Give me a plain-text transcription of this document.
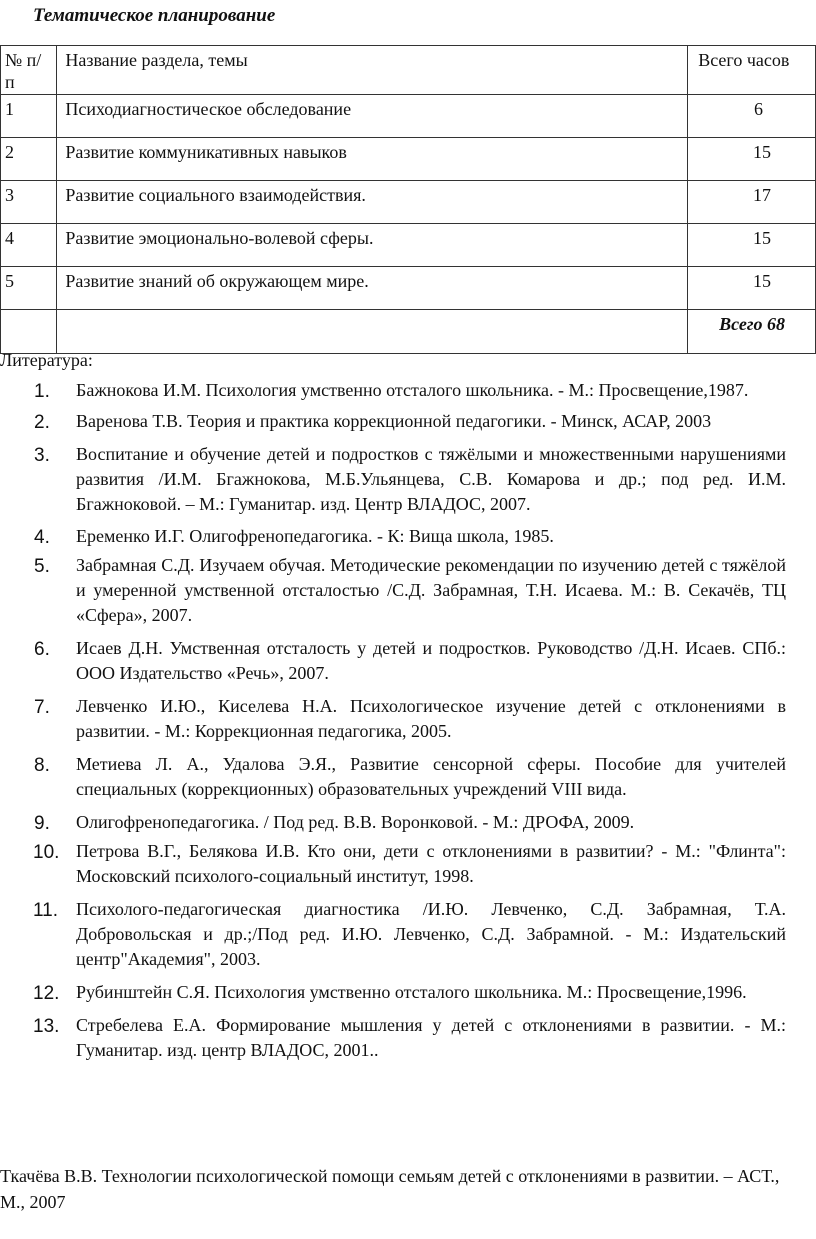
Тематическое планирование
№ п/п	Название раздела, темы	Всего часов
1	Психодиагностическое обследование	6

2	Развитие коммуникативных навыков	15

3	Развитие социального взаимодействия.	17

4	Развитие эмоционально-волевой сферы.	15

5	Развитие знаний об окружающем мире.	15

		Всего 68
Литература:
1.	Бажнокова И.М. Психология умственно отсталого школьника. - М.: Просвещение,1987.
2.	Варенова Т.В. Теория и практика коррекционной педагогики. - Минск, АСАР, 2003
3.	Воспитание и обучение детей и подростков с тяжёлыми и множественными нарушениями развития /И.М. Бгажнокова, М.Б.Ульянцева, С.В. Комарова и др.; под ред. И.М. Бгажноковой. – М.: Гуманитар. изд. Центр ВЛАДОС, 2007.
4.	Еременко И.Г. Олигофренопедагогика. - К: Вища школа, 1985.
5.	Забрамная С.Д. Изучаем обучая. Методические рекомендации по изучению детей с тяжёлой и умеренной умственной отсталостью /С.Д. Забрамная, Т.Н. Исаева. М.: В. Секачёв, ТЦ «Сфера», 2007.
6.	Исаев Д.Н. Умственная отсталость у детей и подростков. Руководство /Д.Н. Исаев. СПб.: ООО Издательство «Речь», 2007.
7.	Левченко И.Ю., Киселева Н.А. Психологическое изучение детей с отклонениями в развитии. - М.: Коррекционная педагогика, 2005.
8.	Метиева Л. А., Удалова Э.Я., Развитие сенсорной сферы. Пособие для учителей специальных (коррекционных) образовательных учреждений VIII вида.
9.	Олигофренопедагогика. / Под ред. В.В. Воронковой. - М.: ДРОФА, 2009.
10. Петрова В.Г., Белякова И.В. Кто они, дети с отклонениями в развитии? - М.: "Флинта": Московский психолого-социальный институт, 1998.
11. Психолого-педагогическая диагностика /И.Ю. Левченко, С.Д. Забрамная, Т.А. Добровольская и др.;/Под ред. И.Ю. Левченко, С.Д. Забрамной. - М.: Издательский центр"Академия", 2003.
12. Рубинштейн С.Я. Психология умственно отсталого школьника. М.: Просвещение,1996.
13. Стребелева Е.А. Формирование мышления у детей с отклонениями в развитии. - М.: Гуманитар. изд. центр ВЛАДОС, 2001..
Ткачёва В.В. Технологии психологической помощи семьям детей с отклонениями в развитии. – АСТ., М., 2007
